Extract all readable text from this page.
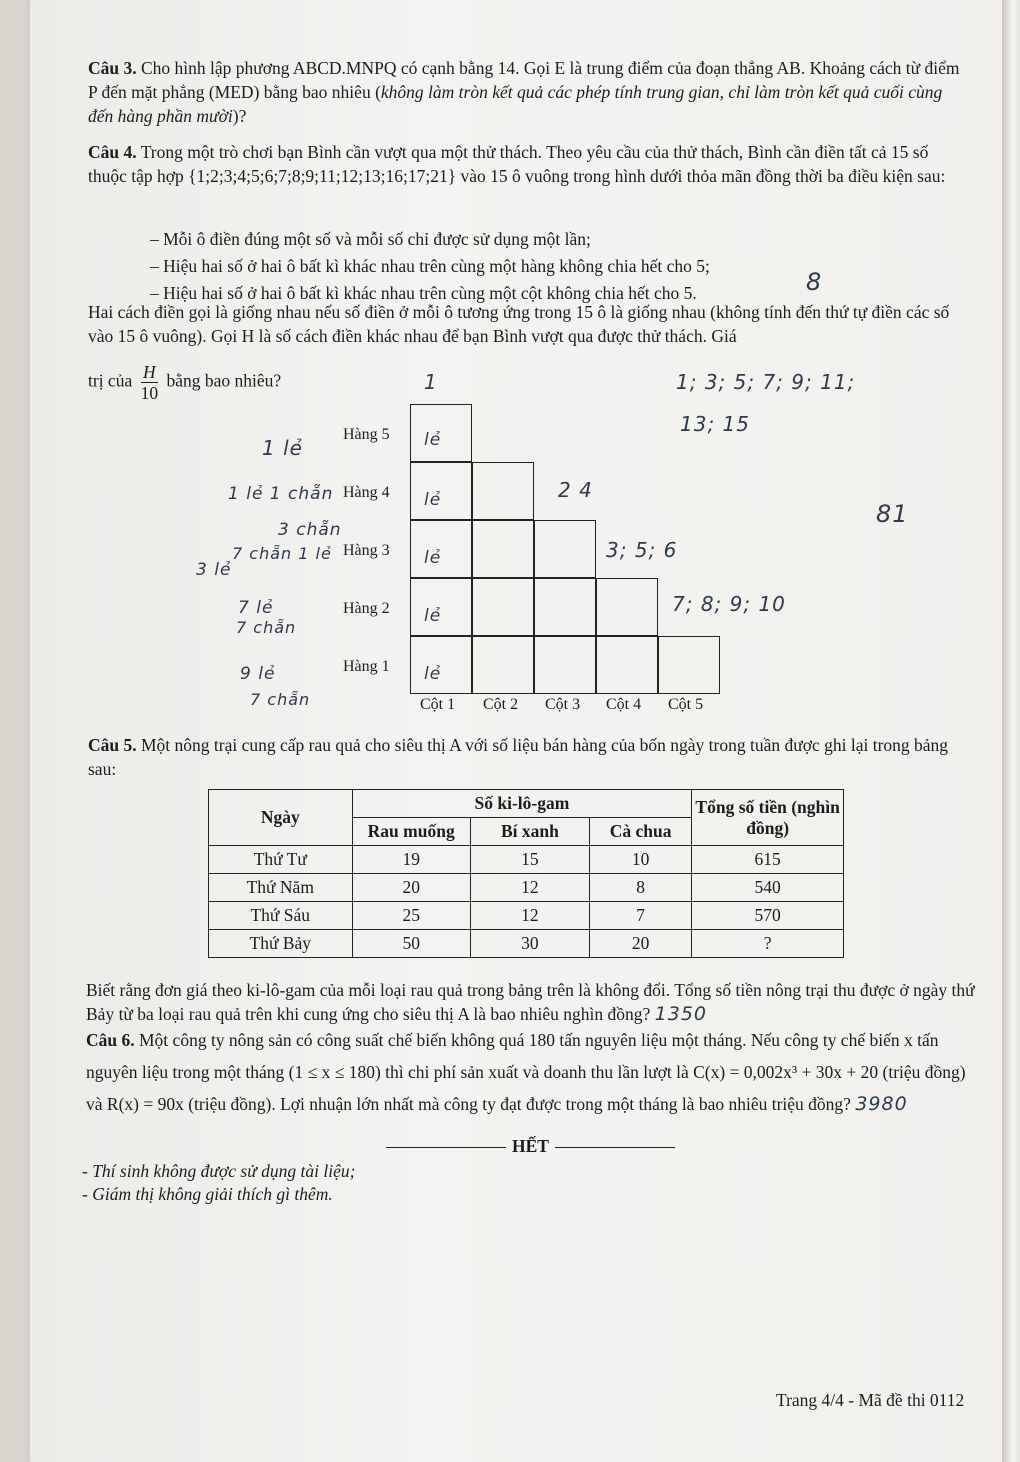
Câu 3. Cho hình lập phương ABCD.MNPQ có cạnh bằng 14. Gọi E là trung điểm của đoạn thẳng AB. Khoảng cách từ điểm P đến mặt phẳng (MED) bằng bao nhiêu (không làm tròn kết quả các phép tính trung gian, chỉ làm tròn kết quả cuối cùng đến hàng phần mười)?
Câu 4. Trong một trò chơi bạn Bình cần vượt qua một thử thách. Theo yêu cầu của thử thách, Bình cần điền tất cả 15 số thuộc tập hợp {1;2;3;4;5;6;7;8;9;11;12;13;16;17;21} vào 15 ô vuông trong hình dưới thỏa mãn đồng thời ba điều kiện sau:
– Mỗi ô điền đúng một số và mỗi số chỉ được sử dụng một lần;
– Hiệu hai số ở hai ô bất kì khác nhau trên cùng một hàng không chia hết cho 5;
– Hiệu hai số ở hai ô bất kì khác nhau trên cùng một cột không chia hết cho 5.
Hai cách điền gọi là giống nhau nếu số điền ở mỗi ô tương ứng trong 15 ô là giống nhau (không tính đến thứ tự điền các số vào 15 ô vuông). Gọi H là số cách điền khác nhau để bạn Bình vượt qua được thử thách. Giá
trị của $\frac{H}{10}$ bằng bao nhiêu?
Hàng 5
Hàng 4
Hàng 3
Hàng 2
Hàng 1
Cột 1 Cột 2 Cột 3 Cột 4 Cột 5
1; 3; 5; 7; 9; 11;
13; 15
1
2 4
3; 5; 6
7; 8; 9; 10
8
81
1 lẻ
1 lẻ 1 chẵn
3 chẵn
7 chẵn 1 lẻ
3 lẻ
7 lẻ
7 chẵn
9 lẻ
7 chẵn
lẻ
lẻ
lẻ
lẻ
lẻ
Câu 5. Một nông trại cung cấp rau quả cho siêu thị A với số liệu bán hàng của bốn ngày trong tuần được ghi lại trong bảng sau:
Ngày	Số ki-lô-gam			Tổng số tiền (nghìn đồng)
	Rau muống	Bí xanh	Cà chua	
Thứ Tư	19	15	10	615
Thứ Năm	20	12	8	540
Thứ Sáu	25	12	7	570
Thứ Bảy	50	30	20	?
Biết rằng đơn giá theo ki-lô-gam của mỗi loại rau quả trong bảng trên là không đổi. Tổng số tiền nông trại thu được ở ngày thứ Bảy từ ba loại rau quả trên khi cung ứng cho siêu thị A là bao nhiêu nghìn đồng? 1350
Câu 6. Một công ty nông sản có công suất chế biến không quá 180 tấn nguyên liệu một tháng. Nếu công ty chế biến x tấn nguyên liệu trong một tháng (1 ≤ x ≤ 180) thì chi phí sản xuất và doanh thu lần lượt là C(x) = 0,002x³ + 30x + 20 (triệu đồng) và R(x) = 90x (triệu đồng). Lợi nhuận lớn nhất mà công ty đạt được trong một tháng là bao nhiêu triệu đồng? 3980
HẾT
- Thí sinh không được sử dụng tài liệu;
- Giám thị không giải thích gì thêm.
Trang 4/4 - Mã đề thi 0112
